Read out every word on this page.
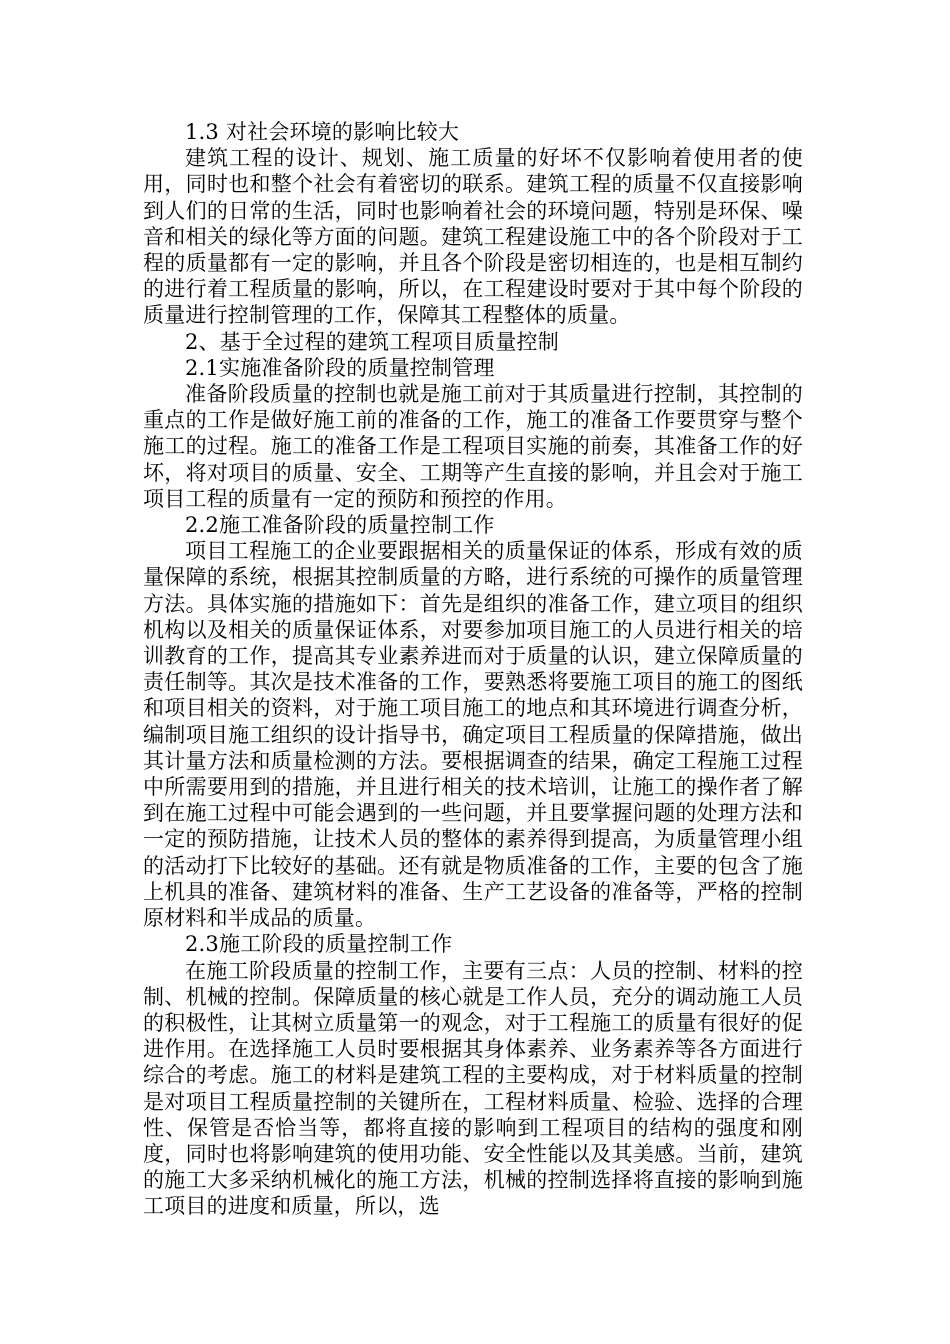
1.3 对社会环境的影响比较大

建筑工程的设计、规划、施工质量的好坏不仅影响着使用者的使用，同时也和整个社会有着密切的联系。建筑工程的质量不仅直接影响到人们的日常的生活，同时也影响着社会的环境问题，特别是环保、噪音和相关的绿化等方面的问题。建筑工程建设施工中的各个阶段对于工程的质量都有一定的影响，并且各个阶段是密切相连的，也是相互制约的进行着工程质量的影响，所以，在工程建设时要对于其中每个阶段的质量进行控制管理的工作，保障其工程整体的质量。

2、基于全过程的建筑工程项目质量控制

2.1实施准备阶段的质量控制管理

准备阶段质量的控制也就是施工前对于其质量进行控制，其控制的重点的工作是做好施工前的准备的工作，施工的准备工作要贯穿与整个施工的过程。施工的准备工作是工程项目实施的前奏，其准备工作的好坏，将对项目的质量、安全、工期等产生直接的影响，并且会对于施工项目工程的质量有一定的预防和预控的作用。

2.2施工准备阶段的质量控制工作

项目工程施工的企业要跟据相关的质量保证的体系，形成有效的质量保障的系统，根据其控制质量的方略，进行系统的可操作的质量管理方法。具体实施的措施如下：首先是组织的准备工作，建立项目的组织机构以及相关的质量保证体系，对要参加项目施工的人员进行相关的培训教育的工作，提高其专业素养进而对于质量的认识，建立保障质量的责任制等。其次是技术准备的工作，要熟悉将要施工项目的施工的图纸和项目相关的资料，对于施工项目施工的地点和其环境进行调查分析，编制项目施工组织的设计指导书，确定项目工程质量的保障措施，做出其计量方法和质量检测的方法。要根据调查的结果，确定工程施工过程中所需要用到的措施，并且进行相关的技术培训，让施工的操作者了解到在施工过程中可能会遇到的一些问题，并且要掌握问题的处理方法和一定的预防措施，让技术人员的整体的素养得到提高，为质量管理小组的活动打下比较好的基础。还有就是物质准备的工作，主要的包含了施上机具的准备、建筑材料的准备、生产工艺设备的准备等，严格的控制原材料和半成品的质量。

2.3施工阶段的质量控制工作

在施工阶段质量的控制工作，主要有三点：人员的控制、材料的控制、机械的控制。保障质量的核心就是工作人员，充分的调动施工人员的积极性，让其树立质量第一的观念，对于工程施工的质量有很好的促进作用。在选择施工人员时要根据其身体素养、业务素养等各方面进行综合的考虑。施工的材料是建筑工程的主要构成，对于材料质量的控制是对项目工程质量控制的关键所在，工程材料质量、检验、选择的合理性、保管是否恰当等，都将直接的影响到工程项目的结构的强度和刚度，同时也将影响建筑的使用功能、安全性能以及其美感。当前，建筑的施工大多采纳机械化的施工方法，机械的控制选择将直接的影响到施工项目的进度和质量，所以，选
